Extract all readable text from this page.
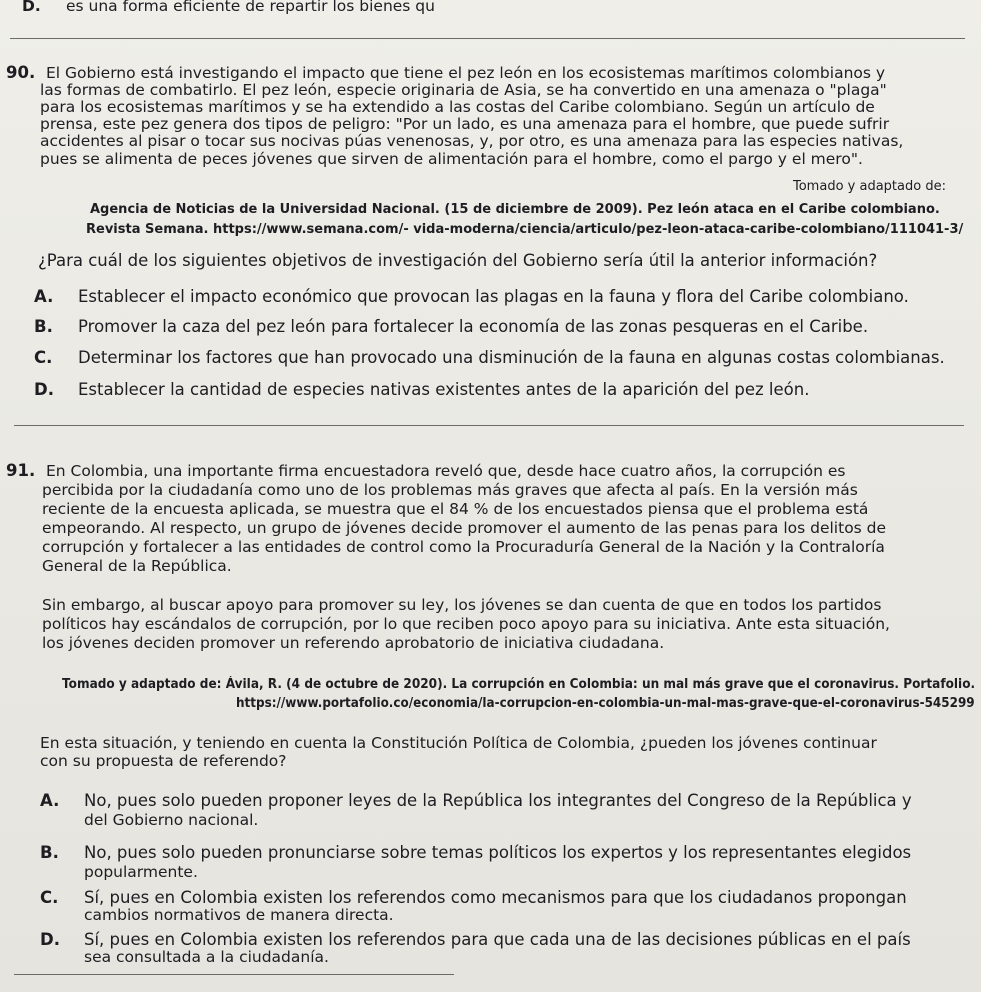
D. es una forma eficiente de repartir los bienes qu
90. El Gobierno está investigando el impacto que tiene el pez león en los ecosistemas marítimos colombianos y
las formas de combatirlo. El pez león, especie originaria de Asia, se ha convertido en una amenaza o "plaga"
para los ecosistemas marítimos y se ha extendido a las costas del Caribe colombiano. Según un artículo de
prensa, este pez genera dos tipos de peligro: "Por un lado, es una amenaza para el hombre, que puede sufrir
accidentes al pisar o tocar sus nocivas púas venenosas, y, por otro, es una amenaza para las especies nativas,
pues se alimenta de peces jóvenes que sirven de alimentación para el hombre, como el pargo y el mero".
Tomado y adaptado de:
Agencia de Noticias de la Universidad Nacional. (15 de diciembre de 2009). Pez león ataca en el Caribe colombiano.
Revista Semana. https://www.semana.com/- vida-moderna/ciencia/articulo/pez-leon-ataca-caribe-colombiano/111041-3/
¿Para cuál de los siguientes objetivos de investigación del Gobierno sería útil la anterior información?
A. Establecer el impacto económico que provocan las plagas en la fauna y flora del Caribe colombiano.
B. Promover la caza del pez león para fortalecer la economía de las zonas pesqueras en el Caribe.
C. Determinar los factores que han provocado una disminución de la fauna en algunas costas colombianas.
D. Establecer la cantidad de especies nativas existentes antes de la aparición del pez león.
91. En Colombia, una importante firma encuestadora reveló que, desde hace cuatro años, la corrupción es
percibida por la ciudadanía como uno de los problemas más graves que afecta al país. En la versión más
reciente de la encuesta aplicada, se muestra que el 84 % de los encuestados piensa que el problema está
empeorando. Al respecto, un grupo de jóvenes decide promover el aumento de las penas para los delitos de
corrupción y fortalecer a las entidades de control como la Procuraduría General de la Nación y la Contraloría
General de la República.
Sin embargo, al buscar apoyo para promover su ley, los jóvenes se dan cuenta de que en todos los partidos
políticos hay escándalos de corrupción, por lo que reciben poco apoyo para su iniciativa. Ante esta situación,
los jóvenes deciden promover un referendo aprobatorio de iniciativa ciudadana.
Tomado y adaptado de: Ávila, R. (4 de octubre de 2020). La corrupción en Colombia: un mal más grave que el coronavirus. Portafolio.
https://www.portafolio.co/economia/la-corrupcion-en-colombia-un-mal-mas-grave-que-el-coronavirus-545299
En esta situación, y teniendo en cuenta la Constitución Política de Colombia, ¿pueden los jóvenes continuar
con su propuesta de referendo?
A. No, pues solo pueden proponer leyes de la República los integrantes del Congreso de la República y
del Gobierno nacional.
B. No, pues solo pueden pronunciarse sobre temas políticos los expertos y los representantes elegidos
popularmente.
C. Sí, pues en Colombia existen los referendos como mecanismos para que los ciudadanos propongan
cambios normativos de manera directa.
D. Sí, pues en Colombia existen los referendos para que cada una de las decisiones públicas en el país
sea consultada a la ciudadanía.
